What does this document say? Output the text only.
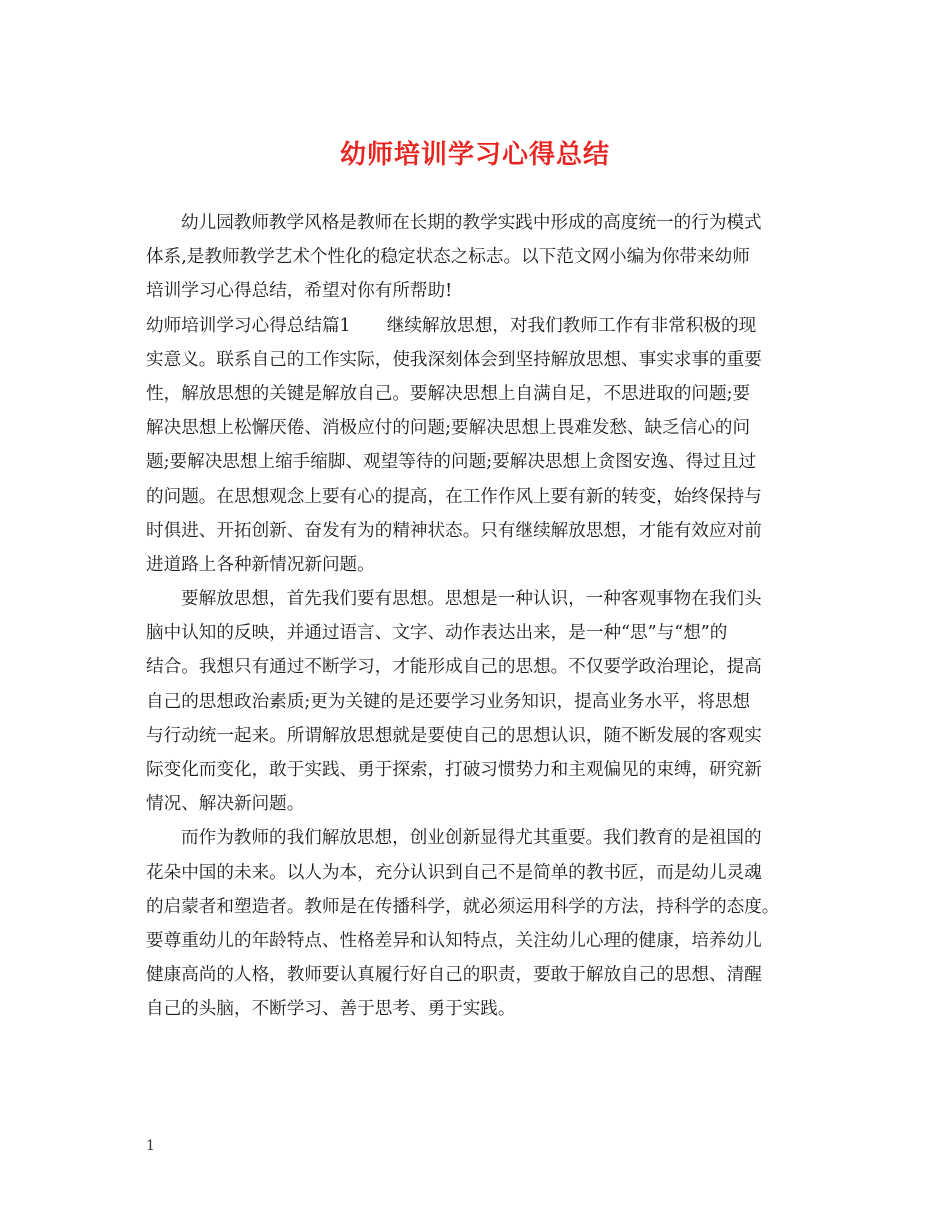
幼师培训学习心得总结
幼儿园教师教学风格是教师在长期的教学实践中形成的高度统一的行为模式
体系,是教师教学艺术个性化的稳定状态之标志。以下范文网小编为你带来幼师
培训学习心得总结，希望对你有所帮助!
幼师培训学习心得总结篇1 继续解放思想，对我们教师工作有非常积极的现
实意义。联系自己的工作实际，使我深刻体会到坚持解放思想、事实求事的重要
性，解放思想的关键是解放自己。要解决思想上自满自足，不思进取的问题;要
解决思想上松懈厌倦、消极应付的问题;要解决思想上畏难发愁、缺乏信心的问
题;要解决思想上缩手缩脚、观望等待的问题;要解决思想上贪图安逸、得过且过
的问题。在思想观念上要有心的提高，在工作作风上要有新的转变，始终保持与
时俱进、开拓创新、奋发有为的精神状态。只有继续解放思想，才能有效应对前
进道路上各种新情况新问题。
要解放思想，首先我们要有思想。思想是一种认识，一种客观事物在我们头
脑中认知的反映，并通过语言、文字、动作表达出来，是一种“思”与“想”的
结合。我想只有通过不断学习，才能形成自己的思想。不仅要学政治理论，提高
自己的思想政治素质;更为关键的是还要学习业务知识，提高业务水平，将思想
与行动统一起来。所谓解放思想就是要使自己的思想认识，随不断发展的客观实
际变化而变化，敢于实践、勇于探索，打破习惯势力和主观偏见的束缚，研究新
情况、解决新问题。
而作为教师的我们解放思想，创业创新显得尤其重要。我们教育的是祖国的
花朵中国的未来。以人为本，充分认识到自己不是简单的教书匠，而是幼儿灵魂
的启蒙者和塑造者。教师是在传播科学，就必须运用科学的方法，持科学的态度。
要尊重幼儿的年龄特点、性格差异和认知特点，关注幼儿心理的健康，培养幼儿
健康高尚的人格，教师要认真履行好自己的职责，要敢于解放自己的思想、清醒
自己的头脑，不断学习、善于思考、勇于实践。
1
